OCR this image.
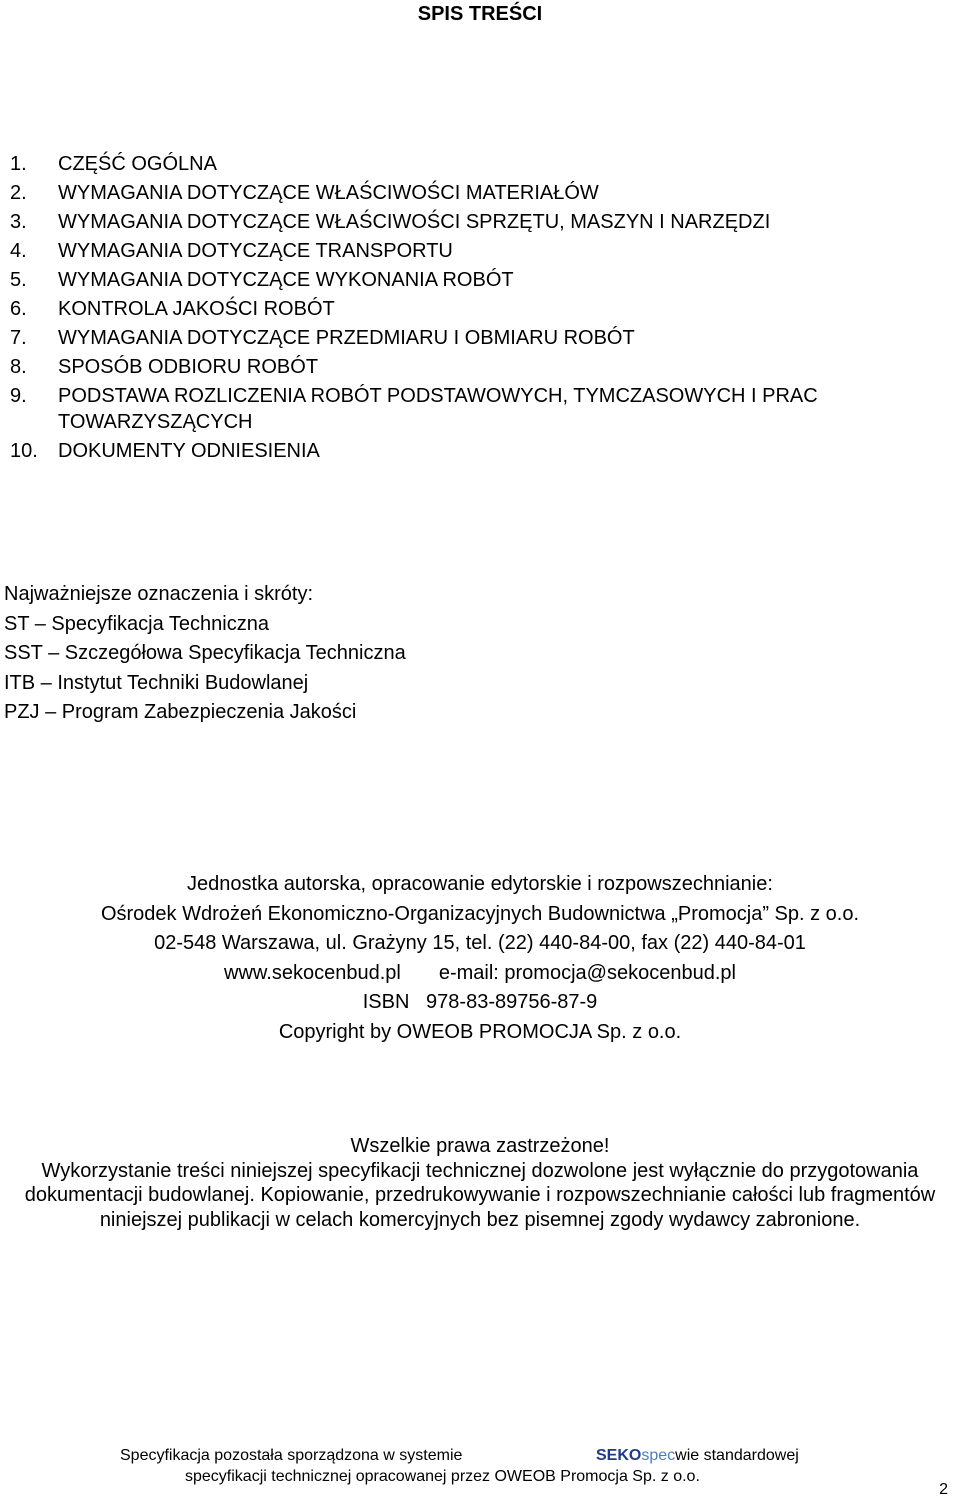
SPIS TREŚCI
1.	CZĘŚĆ OGÓLNA
2.	WYMAGANIA DOTYCZĄCE WŁAŚCIWOŚCI MATERIAŁÓW
3.	WYMAGANIA DOTYCZĄCE WŁAŚCIWOŚCI SPRZĘTU, MASZYN I NARZĘDZI
4.	WYMAGANIA DOTYCZĄCE TRANSPORTU
5.	WYMAGANIA DOTYCZĄCE WYKONANIA ROBÓT
6.	KONTROLA JAKOŚCI ROBÓT
7.	WYMAGANIA DOTYCZĄCE PRZEDMIARU I OBMIARU ROBÓT
8.	SPOSÓB ODBIORU ROBÓT
9.	PODSTAWA ROZLICZENIA ROBÓT PODSTAWOWYCH, TYMCZASOWYCH I PRAC TOWARZYSZĄCYCH
10.	DOKUMENTY ODNIESIENIA
Najważniejsze oznaczenia i skróty:
ST – Specyfikacja Techniczna
SST – Szczegółowa Specyfikacja Techniczna
ITB – Instytut Techniki Budowlanej
PZJ – Program Zabezpieczenia Jakości
Jednostka autorska, opracowanie edytorskie i rozpowszechnianie:
Ośrodek Wdrożeń Ekonomiczno-Organizacyjnych Budownictwa „Promocja” Sp. z o.o.
02-548 Warszawa, ul. Grażyny 15, tel. (22) 440-84-00, fax (22) 440-84-01
www.sekocenbud.pl e-mail: promocja@sekocenbud.pl
ISBN   978-83-89756-87-9
Copyright by OWEOB PROMOCJA Sp. z o.o.
Wszelkie prawa zastrzeżone!
Wykorzystanie treści niniejszej specyfikacji technicznej dozwolone jest wyłącznie do przygotowania dokumentacji budowlanej. Kopiowanie, przedrukowywanie i rozpowszechnianie całości lub fragmentów niniejszej publikacji w celach komercyjnych bez pisemnej zgody wydawcy zabronione.
Specyfikacja pozostała sporządzona w systemie	SEKOspecwie standardowej
specyfikacji technicznej opracowanej przez OWEOB Promocja Sp. z o.o.
2
